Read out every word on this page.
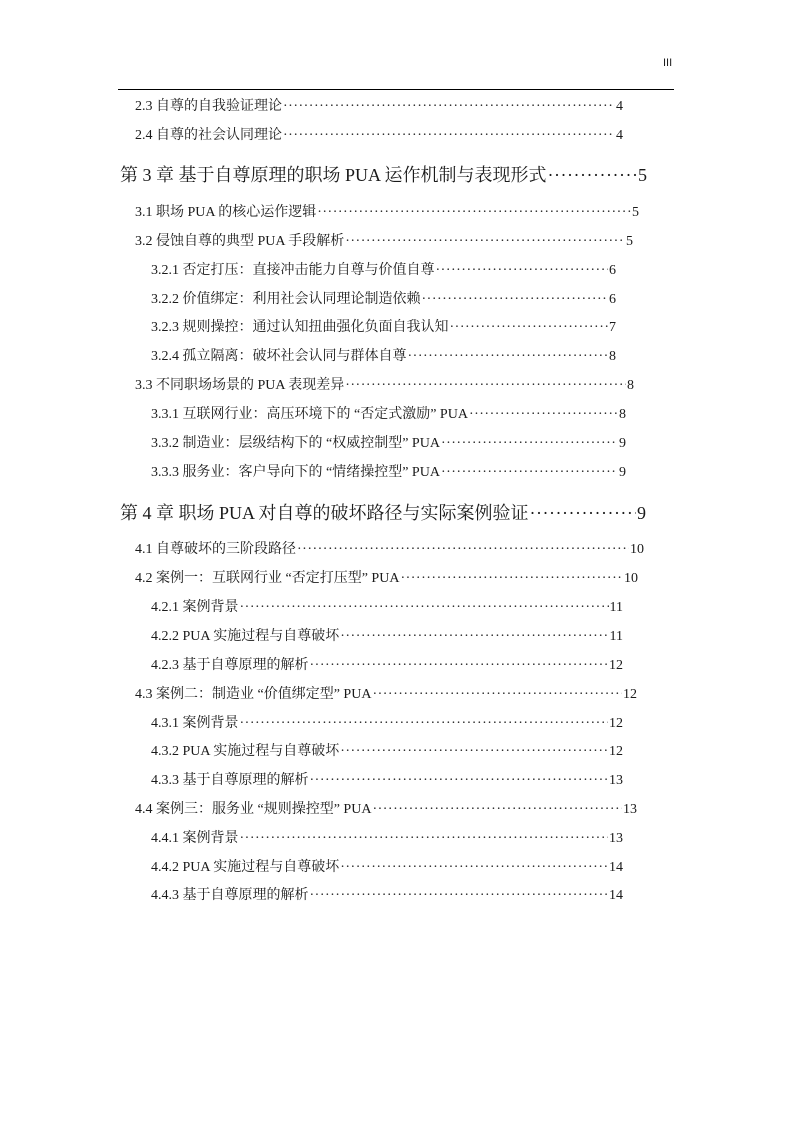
III
2.3 自尊的自我验证理论 ·····	4
2.4 自尊的社会认同理论 ·····	4
第 3 章 基于自尊原理的职场 PUA 运作机制与表现形式 ·····	5
3.1 职场 PUA 的核心运作逻辑 ·····	5
3.2 侵蚀自尊的典型 PUA 手段解析 ·····	5
3.2.1 否定打压：直接冲击能力自尊与价值自尊 ·····	6
3.2.2 价值绑定：利用社会认同理论制造依赖 ·····	6
3.2.3 规则操控：通过认知扭曲强化负面自我认知 ·····	7
3.2.4 孤立隔离：破坏社会认同与群体自尊 ·····	8
3.3 不同职场场景的 PUA 表现差异 ·····	8
3.3.1 互联网行业：高压环境下的 “否定式激励” PUA ·····	8
3.3.2 制造业：层级结构下的 “权威控制型” PUA ·····	9
3.3.3 服务业：客户导向下的 “情绪操控型” PUA ·····	9
第 4 章 职场 PUA 对自尊的破坏路径与实际案例验证 ·····	9
4.1 自尊破坏的三阶段路径 ·····	10
4.2 案例一：互联网行业 “否定打压型” PUA ·····	10
4.2.1 案例背景 ·····	11
4.2.2 PUA 实施过程与自尊破坏 ·····	11
4.2.3 基于自尊原理的解析 ·····	12
4.3 案例二：制造业 “价值绑定型” PUA ·····	12
4.3.1 案例背景 ·····	12
4.3.2 PUA 实施过程与自尊破坏 ·····	12
4.3.3 基于自尊原理的解析 ·····	13
4.4 案例三：服务业 “规则操控型” PUA ·····	13
4.4.1 案例背景 ·····	13
4.4.2 PUA 实施过程与自尊破坏 ·····	14
4.4.3 基于自尊原理的解析 ·····	14
